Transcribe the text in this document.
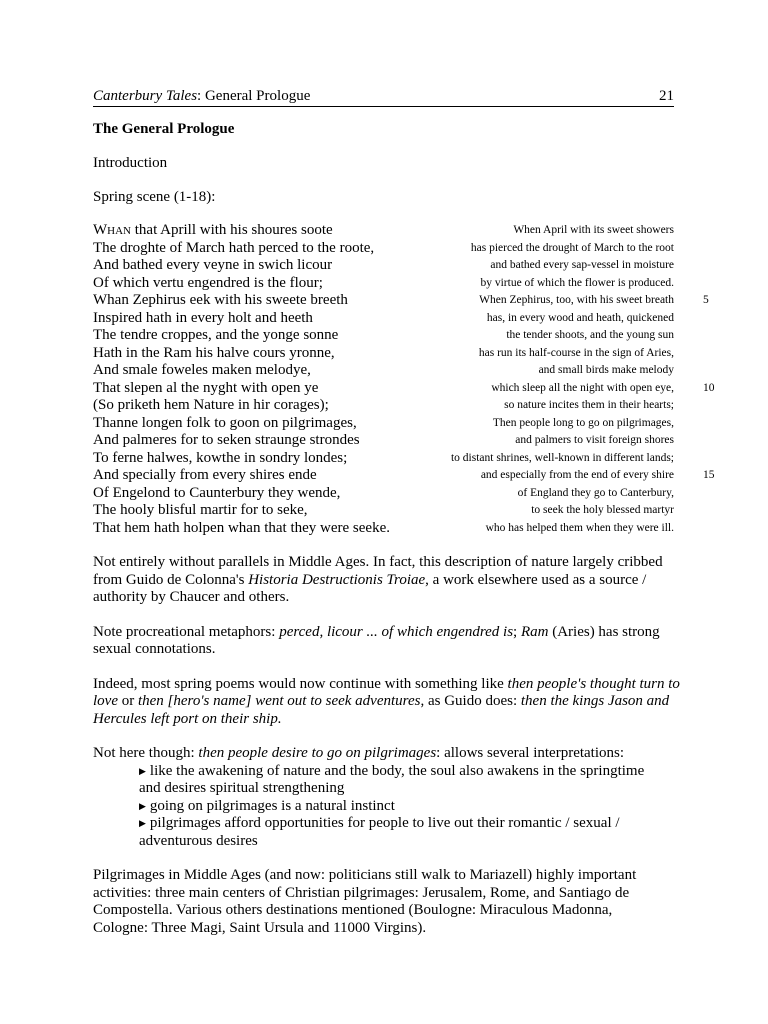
Canterbury Tales: General Prologue	21
The General Prologue
Introduction
Spring scene (1-18):
WHAN that Aprill with his shoures soote	When April with its sweet showers
The droghte of March hath perced to the roote,	has pierced the drought of March to the root
And bathed every veyne in swich licour	and bathed every sap-vessel in moisture
Of which vertu engendred is the flour;	by virtue of which the flower is produced.
Whan Zephirus eek with his sweete breeth	When Zephirus, too, with his sweet breath	5
Inspired hath in every holt and heeth	has, in every wood and heath, quickened
The tendre croppes, and the yonge sonne	the tender shoots, and the young sun
Hath in the Ram his halve cours yronne,	has run its half-course in the sign of Aries,
And smale foweles maken melodye,	and small birds make melody
That slepen al the nyght with open ye	which sleep all the night with open eye,	10
(So priketh hem Nature in hir corages);	so nature incites them in their hearts;
Thanne longen folk to goon on pilgrimages,	Then people long to go on pilgrimages,
And palmeres for to seken straunge strondes	and palmers to visit foreign shores
To ferne halwes, kowthe in sondry londes;	to distant shrines, well-known in different lands;
And specially from every shires ende	and especially from the end of every shire	15
Of Engelond to Caunterbury they wende,	of England they go to Canterbury,
The hooly blisful martir for to seke,	to seek the holy blessed martyr
That hem hath holpen whan that they were seeke.	who has helped them when they were ill.

Not entirely without parallels in Middle Ages. In fact, this description of nature largely cribbed from Guido de Colonna's Historia Destructionis Troiae, a work elsewhere used as a source / authority by Chaucer and others.

Note procreational metaphors: perced, licour ... of which engendred is; Ram (Aries) has strong sexual connotations.

Indeed, most spring poems would now continue with something like then people's thought turn to love or then [hero's name] went out to seek adventures, as Guido does: then the kings Jason and Hercules left port on their ship.

Not here though: then people desire to go on pilgrimages: allows several interpretations:

▶ like the awakening of nature and the body, the soul also awakens in the springtime
and desires spiritual strengthening
▶ going on pilgrimages is a natural instinct
▶ pilgrimages afford opportunities for people to live out their romantic / sexual /
adventurous desires

Pilgrimages in Middle Ages (and now: politicians still walk to Mariazell) highly important
activities: three main centers of Christian pilgrimages: Jerusalem, Rome, and Santiago de
Compostella. Various others destinations mentioned (Boulogne: Miraculous Madonna,
Cologne: Three Magi, Saint Ursula and 11000 Virgins).
